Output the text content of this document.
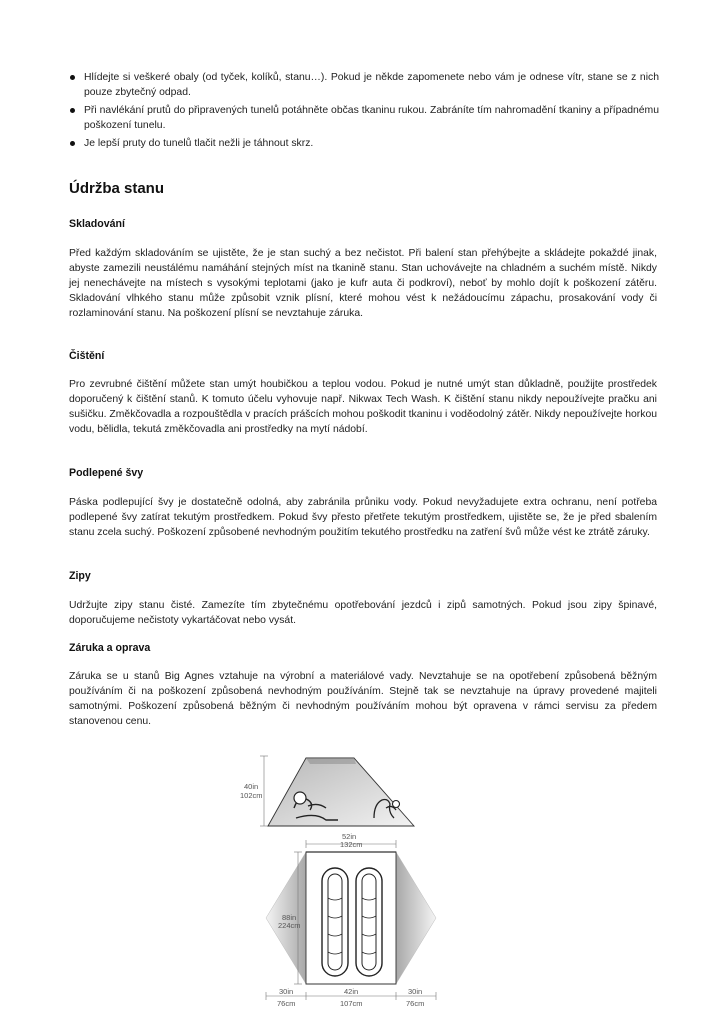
Hlídejte si veškeré obaly (od tyček, kolíků, stanu…). Pokud je někde zapomenete nebo vám je odnese vítr, stane se z nich pouze zbytečný odpad.
Při navlékání prutů do připravených tunelů potáhněte občas tkaninu rukou. Zabráníte tím nahromadění tkaniny a případnému poškození tunelu.
Je lepší pruty do tunelů tlačit nežli je táhnout skrz.
Údržba stanu
Skladování

Před každým skladováním se ujistěte, že je stan suchý a bez nečistot. Při balení stan přehýbejte a skládejte pokaždé jinak, abyste zamezili neustálému namáhání stejných míst na tkanině stanu. Stan uchovávejte na chladném a suchém místě. Nikdy jej nenechávejte na místech s vysokými teplotami (jako je kufr auta či podkroví), neboť by mohlo dojít k poškození zátěru. Skladování vlhkého stanu může způsobit vznik plísní, které mohou vést k nežádoucímu zápachu, prosakování vody či rozlaminování stanu. Na poškození plísní se nevztahuje záruka.

Čištění

Pro zevrubné čištění můžete stan umýt houbičkou a teplou vodou. Pokud je nutné umýt stan důkladně, použijte prostředek doporučený k čištění stanů. K tomuto účelu vyhovuje např. Nikwax Tech Wash. K čištění stanu nikdy nepoužívejte pračku ani sušičku. Změkčovadla a rozpouštědla v pracích prášcích mohou poškodit tkaninu i voděodolný zátěr. Nikdy nepoužívejte horkou vodu, bělidla, tekutá změkčovadla ani prostředky na mytí nádobí.

Podlepené švy

Páska podlepující švy je dostatečně odolná, aby zabránila průniku vody. Pokud nevyžadujete extra ochranu, není potřeba podlepené švy zatírat tekutým prostředkem. Pokud švy přesto přetřete tekutým prostředkem, ujistěte se, že je před sbalením stanu zcela suchý. Poškození způsobené nevhodným použitím tekutého prostředku na zatření švů může vést ke ztrátě záruky.

Zipy

Udržujte zipy stanu čisté. Zamezíte tím zbytečnému opotřebování jezdců i zipů samotných. Pokud jsou zipy špinavé, doporučujeme nečistoty vykartáčovat nebo vysát.

Záruka a oprava

Záruka se u stanů Big Agnes vztahuje na výrobní a materiálové vady. Nevztahuje se na opotřebení způsobená běžným používáním či na poškození způsobená nevhodným používáním. Stejně tak se nevztahuje na úpravy provedené majiteli samotnými. Poškození způsobená běžným či nevhodným používáním mohou být opravena v rámci servisu za předem stanovenou cenu.

40in
102cm
52in
132cm
88in
224cm
30in
76cm
42in
107cm
30in
76cm
